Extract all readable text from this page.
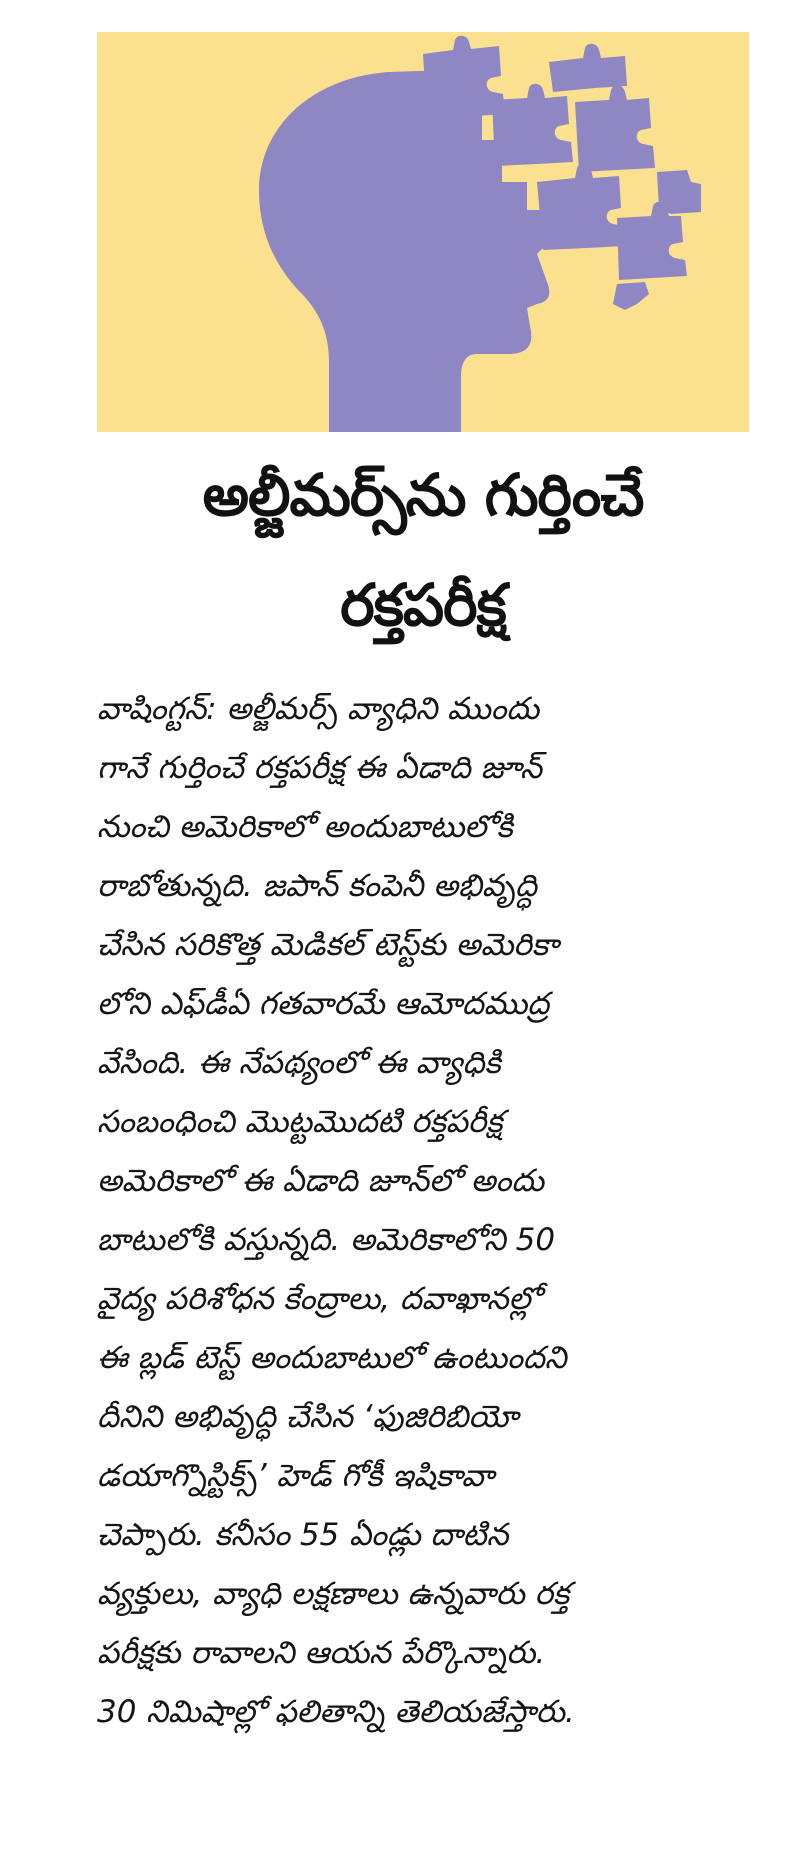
అల్జీమర్స్‌ను గుర్తించే
రక్తపరీక్ష
వాషింగ్టన్‌: అల్జీమర్స్‌ వ్యాధిని ముందు
గానే గుర్తించే రక్తపరీక్ష ఈ ఏడాది జూన్‌
నుంచి అమెరికాలో అందుబాటులోకి
రాబోతున్నది. జపాన్‌ కంపెనీ అభివృద్ధి
చేసిన సరికొత్త మెడికల్‌ టెస్ట్‌కు అమెరికా
లోని ఎఫ్‌డీఏ గతవారమే ఆమోదముద్ర
వేసింది. ఈ నేపథ్యంలో ఈ వ్యాధికి
సంబంధించి మొట్టమొదటి రక్తపరీక్ష
అమెరికాలో ఈ ఏడాది జూన్‌లో అందు
బాటులోకి వస్తున్నది. అమెరికాలోని 50
వైద్య పరిశోధన కేంద్రాలు, దవాఖానల్లో
ఈ బ్లడ్‌ టెస్ట్‌ అందుబాటులో ఉంటుందని
దీనిని అభివృద్ధి చేసిన ‘ఫుజిరిబియో
డయాగ్నొస్టిక్స్‌’ హెడ్‌ గోకీ ఇషికావా
చెప్పారు. కనీసం 55 ఏండ్లు దాటిన
వ్యక్తులు, వ్యాధి లక్షణాలు ఉన్నవారు రక్త
పరీక్షకు రావాలని ఆయన పేర్కొన్నారు.
30 నిమిషాల్లో ఫలితాన్ని తెలియజేస్తారు.
